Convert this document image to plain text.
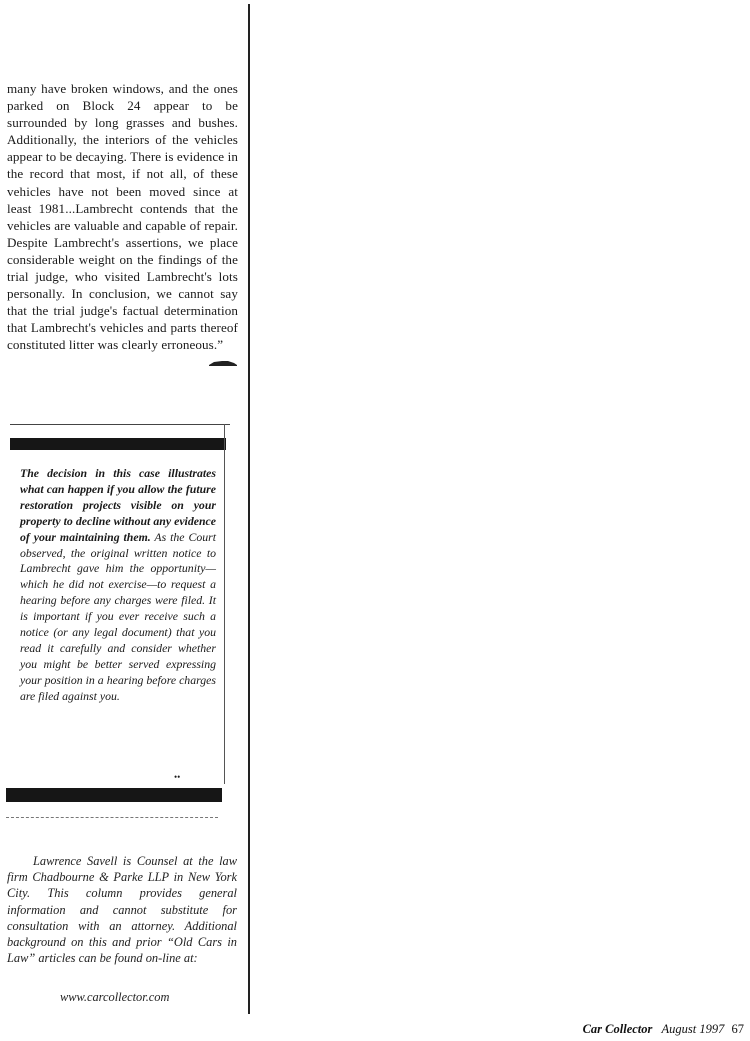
many have broken windows, and the ones parked on Block 24 appear to be surrounded by long grasses and bushes. Additionally, the interiors of the vehicles appear to be decaying. There is evidence in the record that most, if not all, of these vehicles have not been moved since at least 1981...Lambrecht contends that the vehicles are valuable and capable of repair. Despite Lambrecht's assertions, we place considerable weight on the findings of the trial judge, who visited Lambrecht's lots personally. In conclusion, we cannot say that the trial judge's factual determination that Lambrecht's vehicles and parts thereof constituted litter was clearly erroneous.”
The decision in this case illustrates what can happen if you allow the future restoration projects visible on your property to decline without any evidence of your maintaining them. As the Court observed, the original written notice to Lambrecht gave him the opportunity—which he did not exercise—to request a hearing before any charges were filed. It is important if you ever receive such a notice (or any legal document) that you read it carefully and consider whether you might be better served expressing your position in a hearing before charges are filed against you.
••
Lawrence Savell is Counsel at the law firm Chadbourne & Parke LLP in New York City. This column provides general information and cannot substitute for consultation with an attorney. Additional background on this and prior “Old Cars in Law” articles can be found on-line at:
www.carcollector.com
Car Collector August 1997 67
